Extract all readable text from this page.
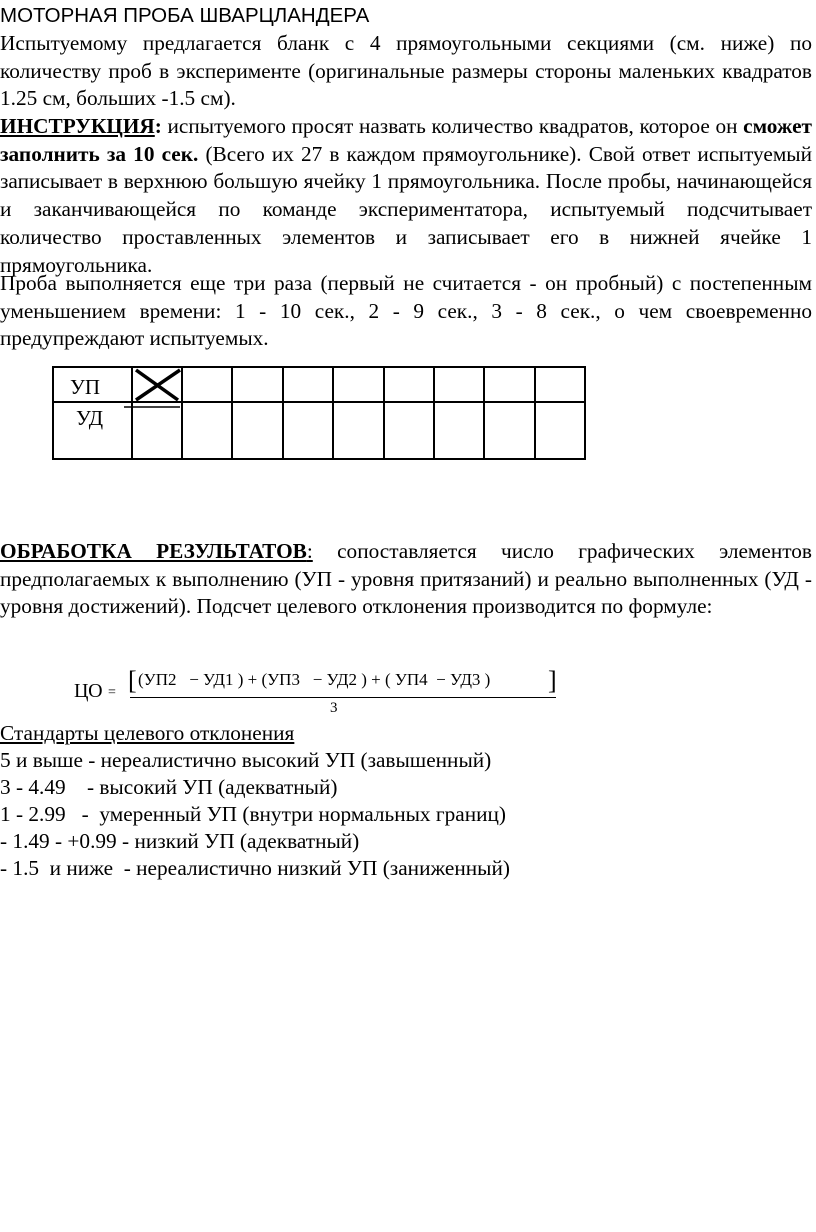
МОТОРНАЯ ПРОБА ШВАРЦЛАНДЕРА

Испытуемому предлагается бланк с 4 прямоугольными секциями (см. ниже) по количеству проб в эксперименте (оригинальные размеры стороны маленьких квадратов 1.25 см, больших -1.5 см).

ИНСТРУКЦИЯ: испытуемого просят назвать количество квадратов, которое он сможет заполнить за 10 сек. (Всего их 27 в каждом прямоугольнике). Свой ответ испытуемый записывает в верхнюю большую ячейку 1 прямоугольника. После пробы, начинающейся и заканчивающейся по команде экспериментатора, испытуемый подсчитывает количество проставленных элементов и записывает его в нижней ячейке 1 прямоугольника.

Проба выполняется еще три раза (первый не считается - он пробный) с постепенным уменьшением времени: 1 - 10 сек., 2 - 9 сек., 3 - 8 сек., о чем своевременно предупреждают испытуемых.

УП
УД

ОБРАБОТКА РЕЗУЛЬТАТОВ: сопоставляется число графических элементов предполагаемых к выполнению (УП - уровня притязаний) и реально выполненных (УД - уровня достижений). Подсчет целевого отклонения производится по формуле:

ЦО = [ (УП2   − УД1 ) + (УП3   − УД2 ) + ( УП4  − УД3 ) ]
3
Стандарты целевого отклонения
5 и выше - нереалистично высокий УП (завышенный)
3 - 4.49    - высокий УП (адекватный)
1 - 2.99   -  умеренный УП (внутри нормальных границ)
- 1.49 - +0.99 - низкий УП (адекватный)
- 1.5  и ниже  - нереалистично низкий УП (заниженный)
